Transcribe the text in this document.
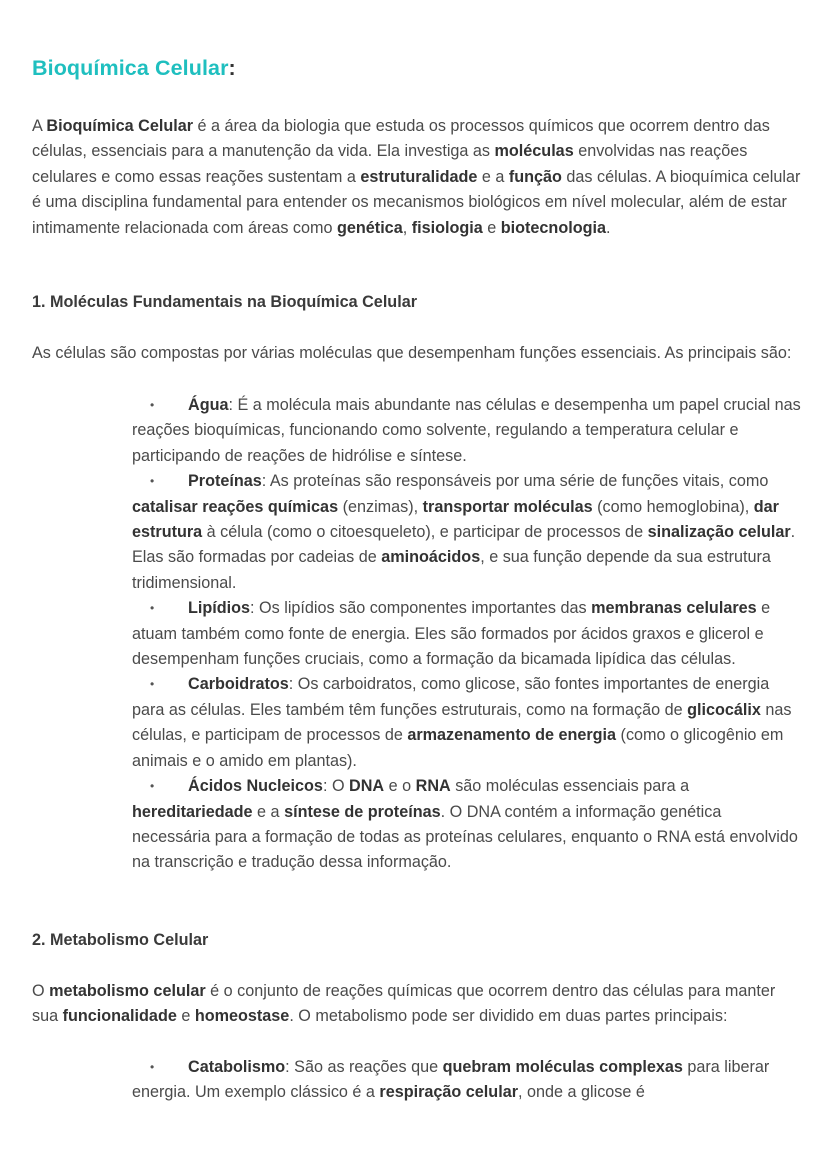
Bioquímica Celular:

A Bioquímica Celular é a área da biologia que estuda os processos químicos que ocorrem dentro das células, essenciais para a manutenção da vida. Ela investiga as moléculas envolvidas nas reações celulares e como essas reações sustentam a estruturalidade e a função das células. A bioquímica celular é uma disciplina fundamental para entender os mecanismos biológicos em nível molecular, além de estar intimamente relacionada com áreas como genética, fisiologia e biotecnologia.

1. Moléculas Fundamentais na Bioquímica Celular

As células são compostas por várias moléculas que desempenham funções essenciais. As principais são:

• Água: É a molécula mais abundante nas células e desempenha um papel crucial nas reações bioquímicas, funcionando como solvente, regulando a temperatura celular e participando de reações de hidrólise e síntese.
• Proteínas: As proteínas são responsáveis por uma série de funções vitais, como catalisar reações químicas (enzimas), transportar moléculas (como hemoglobina), dar estrutura à célula (como o citoesqueleto), e participar de processos de sinalização celular. Elas são formadas por cadeias de aminoácidos, e sua função depende da sua estrutura tridimensional.
• Lipídios: Os lipídios são componentes importantes das membranas celulares e atuam também como fonte de energia. Eles são formados por ácidos graxos e glicerol e desempenham funções cruciais, como a formação da bicamada lipídica das células.
• Carboidratos: Os carboidratos, como glicose, são fontes importantes de energia para as células. Eles também têm funções estruturais, como na formação de glicocálix nas células, e participam de processos de armazenamento de energia (como o glicogênio em animais e o amido em plantas).
• Ácidos Nucleicos: O DNA e o RNA são moléculas essenciais para a hereditariedade e a síntese de proteínas. O DNA contém a informação genética necessária para a formação de todas as proteínas celulares, enquanto o RNA está envolvido na transcrição e tradução dessa informação.
2. Metabolismo Celular

O metabolismo celular é o conjunto de reações químicas que ocorrem dentro das células para manter sua funcionalidade e homeostase. O metabolismo pode ser dividido em duas partes principais:

• Catabolismo: São as reações que quebram moléculas complexas para liberar energia. Um exemplo clássico é a respiração celular, onde a glicose é
